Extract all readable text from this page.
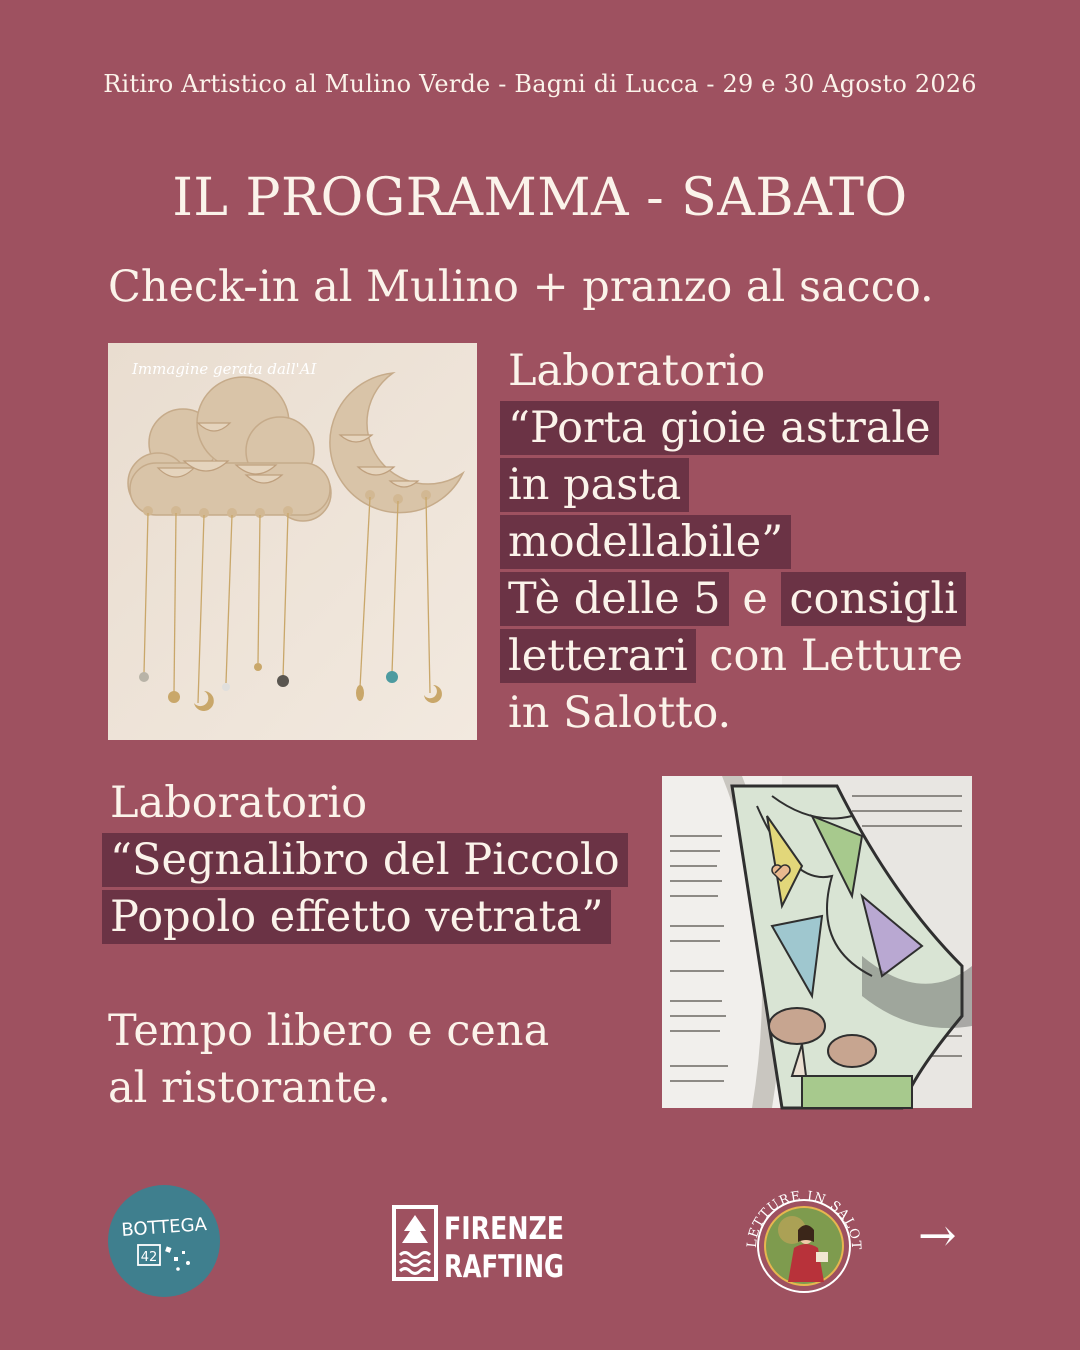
Ritiro Artistico al Mulino Verde - Bagni di Lucca - 29 e 30 Agosto 2026
IL PROGRAMMA - SABATO
Check-in al Mulino + pranzo al sacco.
Immagine gerata dall'AI	Laboratorio
“Porta gioie astrale
in pasta modellabile”
Tè delle 5 e consigli
letterari con Letture
in Salotto.
Laboratorio
“Segnalibro del Piccolo
Popolo effetto vetrata”
Tempo libero e cena
al ristorante.
BOTTEGA
42
FIRENZE
RAFTING
LETTURE IN SALOT →
